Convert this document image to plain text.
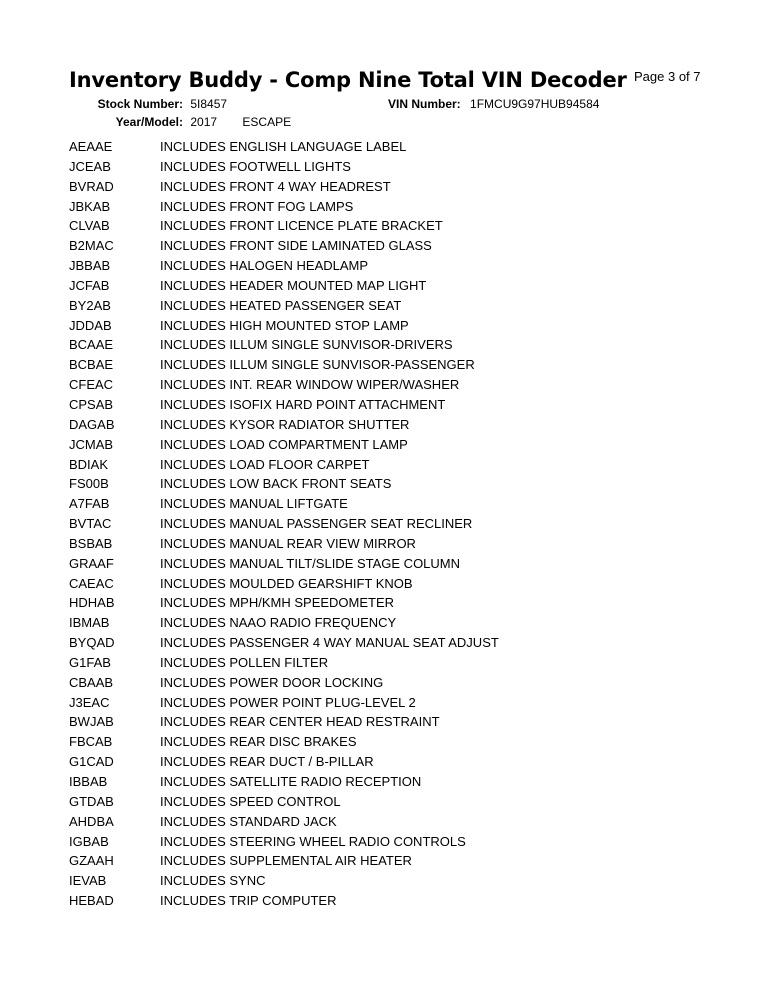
Inventory Buddy - Comp Nine Total VIN Decoder Page 3 of 7
Stock Number: 5I8457	VIN Number: 1FMCU9G97HUB94584
Year/Model: 2017 ESCAPE
AEAAE	INCLUDES ENGLISH LANGUAGE LABEL
JCEAB	INCLUDES FOOTWELL LIGHTS
BVRAD	INCLUDES FRONT 4 WAY HEADREST
JBKAB	INCLUDES FRONT FOG LAMPS
CLVAB	INCLUDES FRONT LICENCE PLATE BRACKET
B2MAC	INCLUDES FRONT SIDE LAMINATED GLASS
JBBAB	INCLUDES HALOGEN HEADLAMP
JCFAB	INCLUDES HEADER MOUNTED MAP LIGHT
BY2AB	INCLUDES HEATED PASSENGER SEAT
JDDAB	INCLUDES HIGH MOUNTED STOP LAMP
BCAAE	INCLUDES ILLUM SINGLE SUNVISOR-DRIVERS
BCBAE	INCLUDES ILLUM SINGLE SUNVISOR-PASSENGER
CFEAC	INCLUDES INT. REAR WINDOW WIPER/WASHER
CPSAB	INCLUDES ISOFIX HARD POINT ATTACHMENT
DAGAB	INCLUDES KYSOR RADIATOR SHUTTER
JCMAB	INCLUDES LOAD COMPARTMENT LAMP
BDIAK	INCLUDES LOAD FLOOR CARPET
FS00B	INCLUDES LOW BACK FRONT SEATS
A7FAB	INCLUDES MANUAL LIFTGATE
BVTAC	INCLUDES MANUAL PASSENGER SEAT RECLINER
BSBAB	INCLUDES MANUAL REAR VIEW MIRROR
GRAAF	INCLUDES MANUAL TILT/SLIDE STAGE COLUMN
CAEAC	INCLUDES MOULDED GEARSHIFT KNOB
HDHAB	INCLUDES MPH/KMH SPEEDOMETER
IBMAB	INCLUDES NAAO RADIO FREQUENCY
BYQAD	INCLUDES PASSENGER 4 WAY MANUAL SEAT ADJUST
G1FAB	INCLUDES POLLEN FILTER
CBAAB	INCLUDES POWER DOOR LOCKING
J3EAC	INCLUDES POWER POINT PLUG-LEVEL 2
BWJAB	INCLUDES REAR CENTER HEAD RESTRAINT
FBCAB	INCLUDES REAR DISC BRAKES
G1CAD	INCLUDES REAR DUCT / B-PILLAR
IBBAB	INCLUDES SATELLITE RADIO RECEPTION
GTDAB	INCLUDES SPEED CONTROL
AHDBA	INCLUDES STANDARD JACK
IGBAB	INCLUDES STEERING WHEEL RADIO CONTROLS
GZAAH	INCLUDES SUPPLEMENTAL AIR HEATER
IEVAB	INCLUDES SYNC
HEBAD	INCLUDES TRIP COMPUTER
